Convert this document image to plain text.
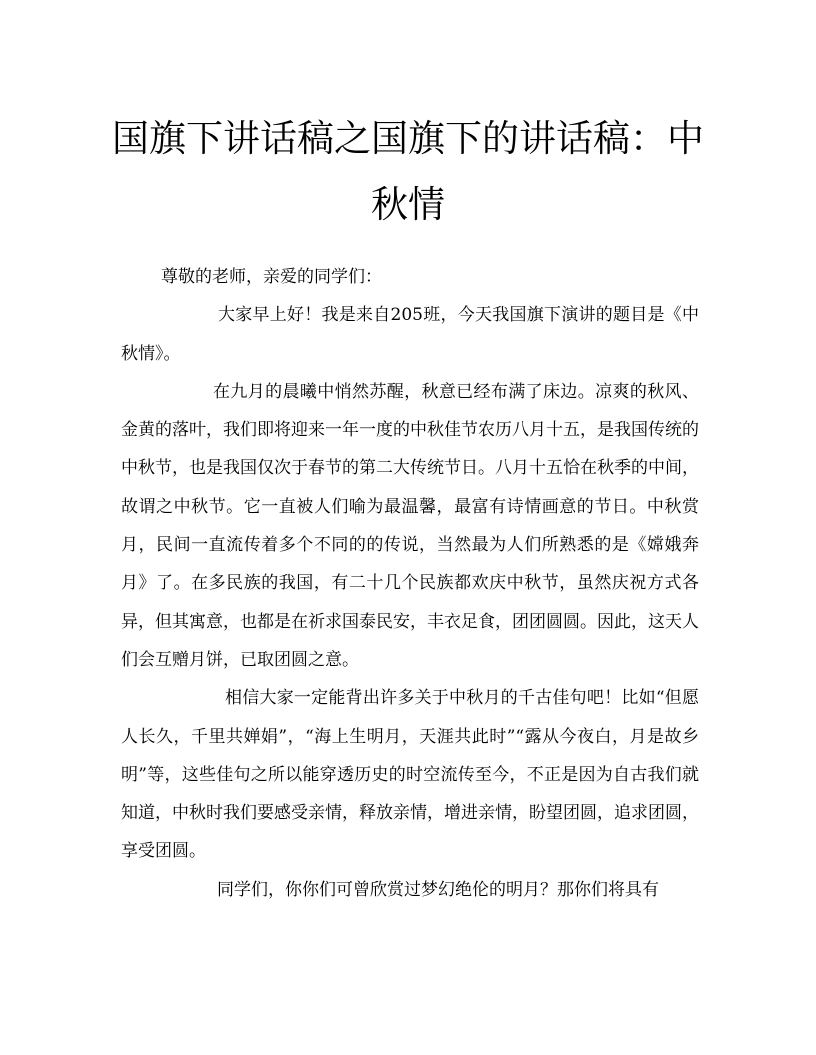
国旗下讲话稿之国旗下的讲话稿：中秋情

尊敬的老师，亲爱的同学们：

大家早上好！我是来自205班，今天我国旗下演讲的题目是《中秋情》。

在九月的晨曦中悄然苏醒，秋意已经布满了床边。凉爽的秋风、金黄的落叶，我们即将迎来一年一度的中秋佳节农历八月十五，是我国传统的中秋节，也是我国仅次于春节的第二大传统节日。八月十五恰在秋季的中间，故谓之中秋节。它一直被人们喻为最温馨，最富有诗情画意的节日。中秋赏月，民间一直流传着多个不同的的传说，当然最为人们所熟悉的是《嫦娥奔月》了。在多民族的我国，有二十几个民族都欢庆中秋节，虽然庆祝方式各异，但其寓意，也都是在祈求国泰民安，丰衣足食，团团圆圆。因此，这天人们会互赠月饼，已取团圆之意。

相信大家一定能背出许多关于中秋月的千古佳句吧！比如“但愿人长久，千里共婵娟”，“海上生明月，天涯共此时”“露从今夜白，月是故乡明”等，这些佳句之所以能穿透历史的时空流传至今，不正是因为自古我们就知道，中秋时我们要感受亲情，释放亲情，增进亲情，盼望团圆，追求团圆，享受团圆。

同学们，你你们可曾欣赏过梦幻绝伦的明月？那你们将具有
